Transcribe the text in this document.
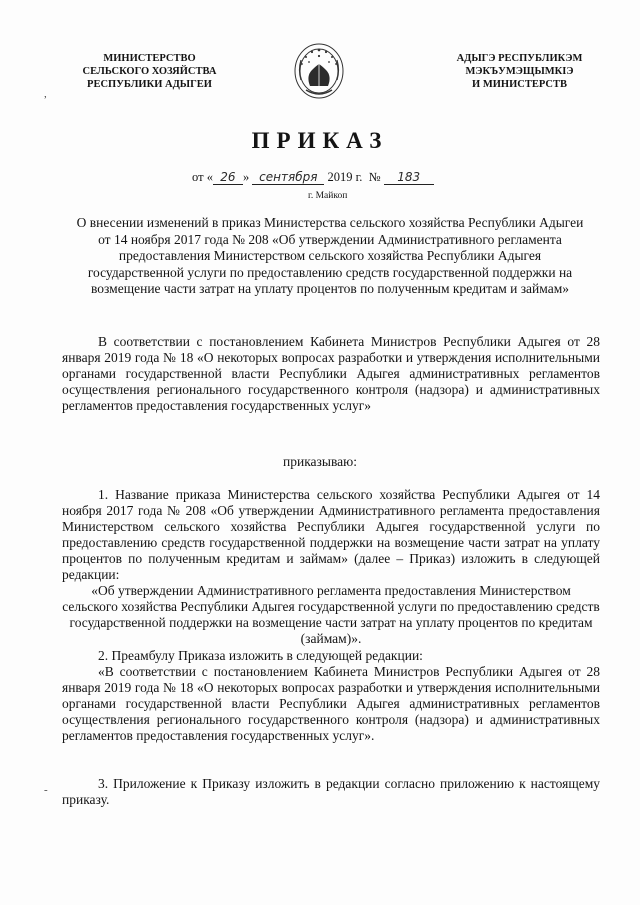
МИНИСТЕРСТВО
СЕЛЬСКОГО ХОЗЯЙСТВА
РЕСПУБЛИКИ АДЫГЕИ
АДЫГЭ РЕСПУБЛИКЭМ
МЭКЪУМЭЩЫМКIЭ
И МИНИСТЕРСТВ
,
-
ПРИКАЗ
от « 26 » сентября 2019 г. № 183
г. Майкоп
О внесении изменений в приказ Министерства сельского хозяйства Республики Адыгеи от 14 ноября 2017 года № 208 «Об утверждении Административного регламента предоставления Министерством сельского хозяйства Республики Адыгея государственной услуги по предоставлению средств государственной поддержки на возмещение части затрат на уплату процентов по полученным кредитам и займам»
В соответствии с постановлением Кабинета Министров Республики Адыгея от 28 января 2019 года № 18 «О некоторых вопросах разработки и утверждения исполнительными органами государственной власти Республики Адыгея административных регламентов осуществления регионального государственного контроля (надзора) и административных регламентов предоставления государственных услуг»
приказываю:
1. Название приказа Министерства сельского хозяйства Республики Адыгея от 14 ноября 2017 года № 208 «Об утверждении Административного регламента предоставления Министерством сельского хозяйства Республики Адыгея государственной услуги по предоставлению средств государственной поддержки на возмещение части затрат на уплату процентов по полученным кредитам и займам» (далее – Приказ) изложить в следующей редакции:
«Об утверждении Административного регламента предоставления Министерством сельского хозяйства Республики Адыгея государственной услуги по предоставлению средств государственной поддержки на возмещение части затрат на уплату процентов по кредитам (займам)».
2. Преамбулу Приказа изложить в следующей редакции:
«В соответствии с постановлением Кабинета Министров Республики Адыгея от 28 января 2019 года № 18 «О некоторых вопросах разработки и утверждения исполнительными органами государственной власти Республики Адыгея административных регламентов осуществления регионального государственного контроля (надзора) и административных регламентов предоставления государственных услуг».
3. Приложение к Приказу изложить в редакции согласно приложению к настоящему приказу.
